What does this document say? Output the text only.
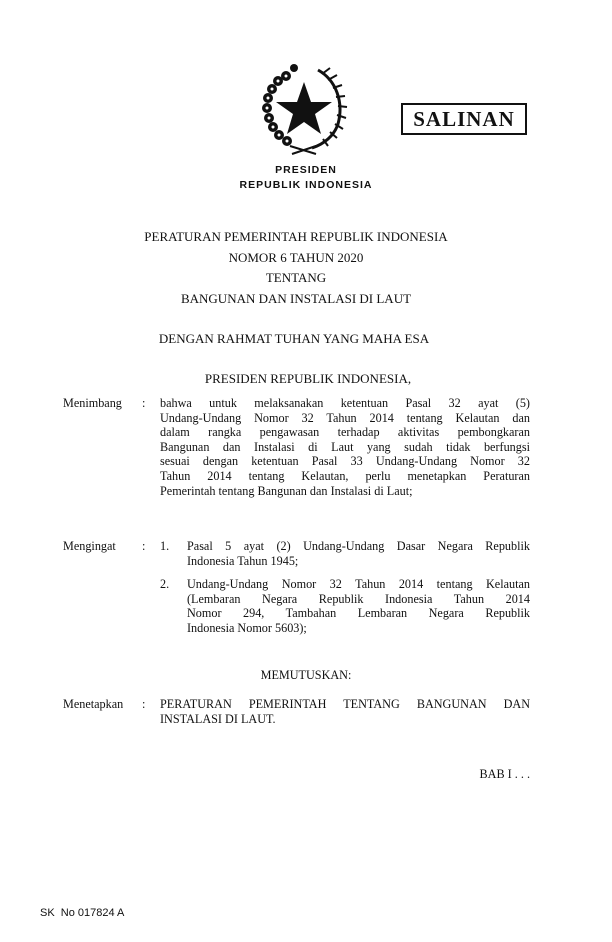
SALINAN
PRESIDEN
REPUBLIK INDONESIA
PERATURAN PEMERINTAH REPUBLIK INDONESIA
NOMOR 6 TAHUN 2020
TENTANG
BANGUNAN DAN INSTALASI DI LAUT
DENGAN RAHMAT TUHAN YANG MAHA ESA
PRESIDEN REPUBLIK INDONESIA,
Menimbang : bahwa untuk melaksanakan ketentuan Pasal 32 ayat (5)
Undang-Undang Nomor 32 Tahun 2014 tentang Kelautan dan
dalam rangka pengawasan terhadap aktivitas pembongkaran
Bangunan dan Instalasi di Laut yang sudah tidak berfungsi
sesuai dengan ketentuan Pasal 33 Undang-Undang Nomor 32
Tahun 2014 tentang Kelautan, perlu menetapkan Peraturan
Pemerintah tentang Bangunan dan Instalasi di Laut;
Mengingat : 1. Pasal 5 ayat (2) Undang-Undang Dasar Negara Republik
Indonesia Tahun 1945;
2. Undang-Undang Nomor 32 Tahun 2014 tentang Kelautan
(Lembaran Negara Republik Indonesia Tahun 2014
Nomor 294, Tambahan Lembaran Negara Republik
Indonesia Nomor 5603);
MEMUTUSKAN:
Menetapkan : PERATURAN PEMERINTAH TENTANG BANGUNAN DAN
INSTALASI DI LAUT.
BAB I . . .
SK  No 017824 A
